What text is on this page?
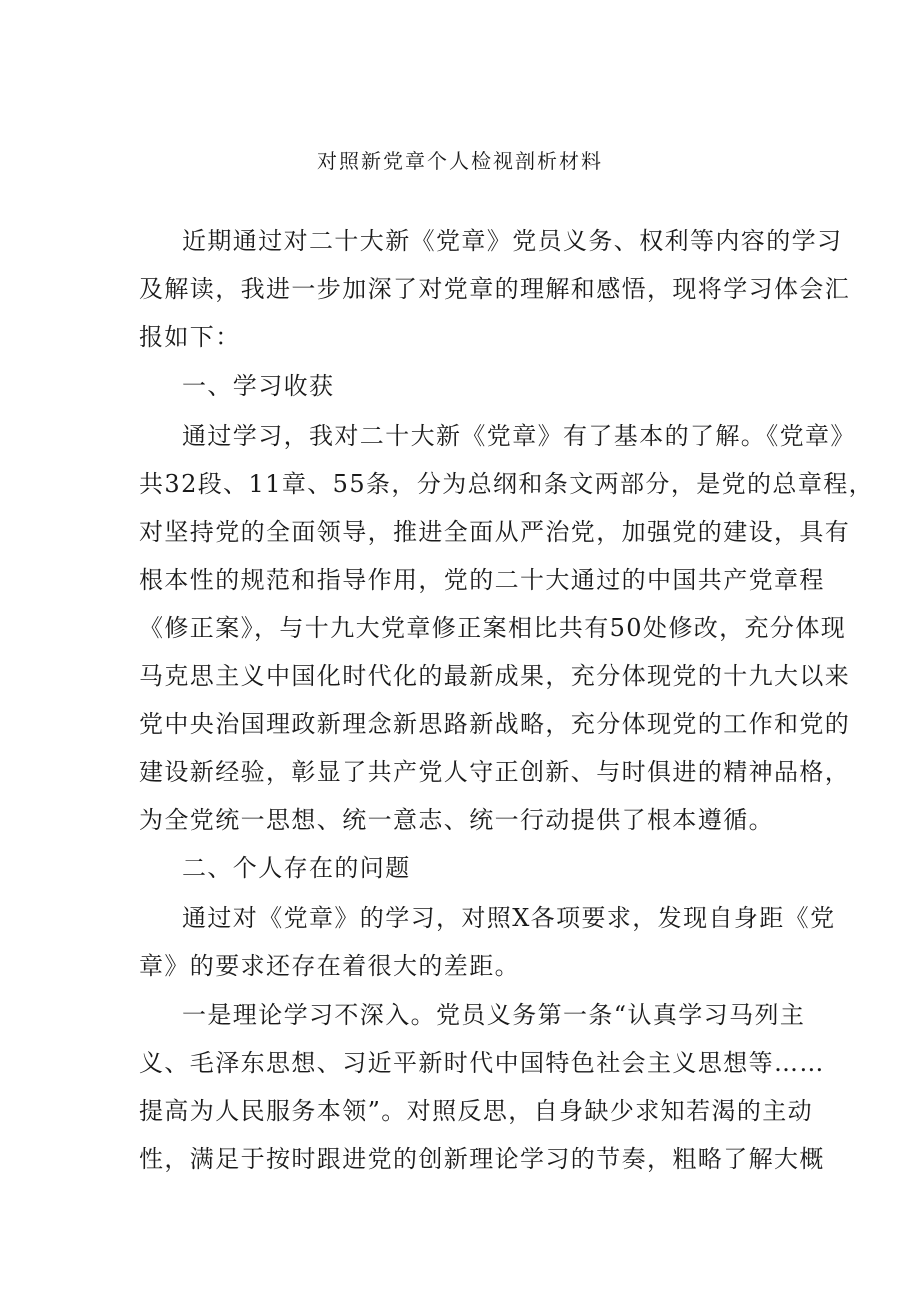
对照新党章个人检视剖析材料

近期通过对二十大新《党章》党员义务、权利等内容的学习

及解读，我进一步加深了对党章的理解和感悟，现将学习体会汇

报如下：

一、学习收获

通过学习，我对二十大新《党章》有了基本的了解。《党章》

共32段、11章、55条，分为总纲和条文两部分，是党的总章程，

对坚持党的全面领导，推进全面从严治党，加强党的建设，具有

根本性的规范和指导作用，党的二十大通过的中国共产党章程

《修正案》，与十九大党章修正案相比共有50处修改，充分体现

马克思主义中国化时代化的最新成果，充分体现党的十九大以来

党中央治国理政新理念新思路新战略，充分体现党的工作和党的

建设新经验，彰显了共产党人守正创新、与时俱进的精神品格，

为全党统一思想、统一意志、统一行动提供了根本遵循。

二、个人存在的问题

通过对《党章》的学习，对照X各项要求，发现自身距《党

章》的要求还存在着很大的差距。

一是理论学习不深入。党员义务第一条“认真学习马列主

义、毛泽东思想、习近平新时代中国特色社会主义思想等……

提高为人民服务本领”。对照反思，自身缺少求知若渴的主动

性，满足于按时跟进党的创新理论学习的节奏，粗略了解大概
